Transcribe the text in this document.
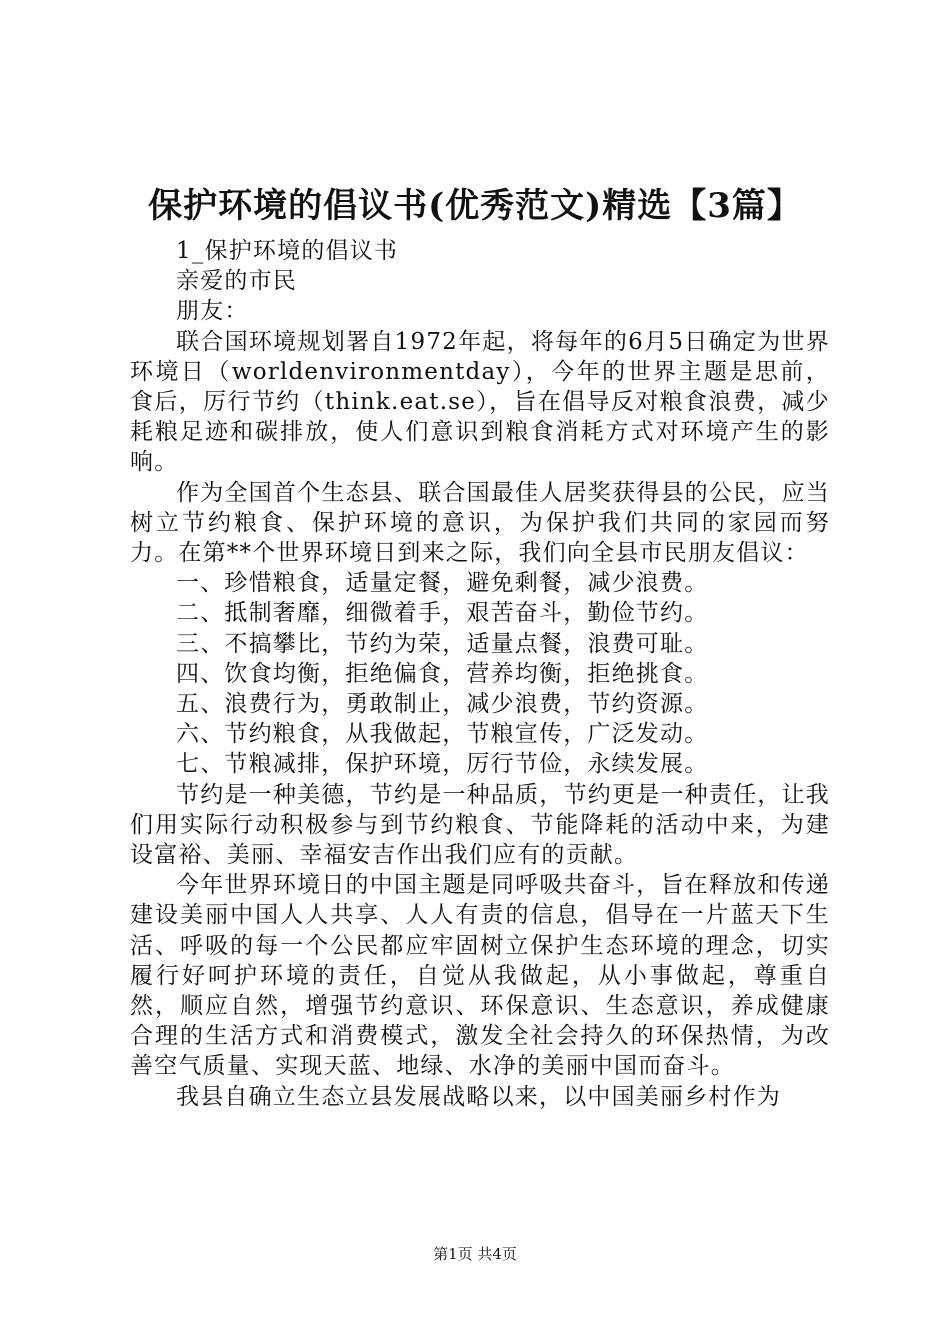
保护环境的倡议书(优秀范文)精选【3篇】

1_保护环境的倡议书

亲爱的市民

朋友：

联合国环境规划署自1972年起，将每年的6月5日确定为世界环境日（worldenvironmentday），今年的世界主题是思前，食后，厉行节约（think.eat.se），旨在倡导反对粮食浪费，减少耗粮足迹和碳排放，使人们意识到粮食消耗方式对环境产生的影响。

作为全国首个生态县、联合国最佳人居奖获得县的公民，应当树立节约粮食、保护环境的意识，为保护我们共同的家园而努力。在第**个世界环境日到来之际，我们向全县市民朋友倡议：

一、珍惜粮食，适量定餐，避免剩餐，减少浪费。

二、抵制奢靡，细微着手，艰苦奋斗，勤俭节约。

三、不搞攀比，节约为荣，适量点餐，浪费可耻。

四、饮食均衡，拒绝偏食，营养均衡，拒绝挑食。

五、浪费行为，勇敢制止，减少浪费，节约资源。

六、节约粮食，从我做起，节粮宣传，广泛发动。

七、节粮减排，保护环境，厉行节俭，永续发展。

节约是一种美德，节约是一种品质，节约更是一种责任，让我们用实际行动积极参与到节约粮食、节能降耗的活动中来，为建设富裕、美丽、幸福安吉作出我们应有的贡献。

今年世界环境日的中国主题是同呼吸共奋斗，旨在释放和传递建设美丽中国人人共享、人人有责的信息，倡导在一片蓝天下生活、呼吸的每一个公民都应牢固树立保护生态环境的理念，切实履行好呵护环境的责任，自觉从我做起，从小事做起，尊重自然，顺应自然，增强节约意识、环保意识、生态意识，养成健康合理的生活方式和消费模式，激发全社会持久的环保热情，为改善空气质量、实现天蓝、地绿、水净的美丽中国而奋斗。

我县自确立生态立县发展战略以来，以中国美丽乡村作为

第1页 共4页
